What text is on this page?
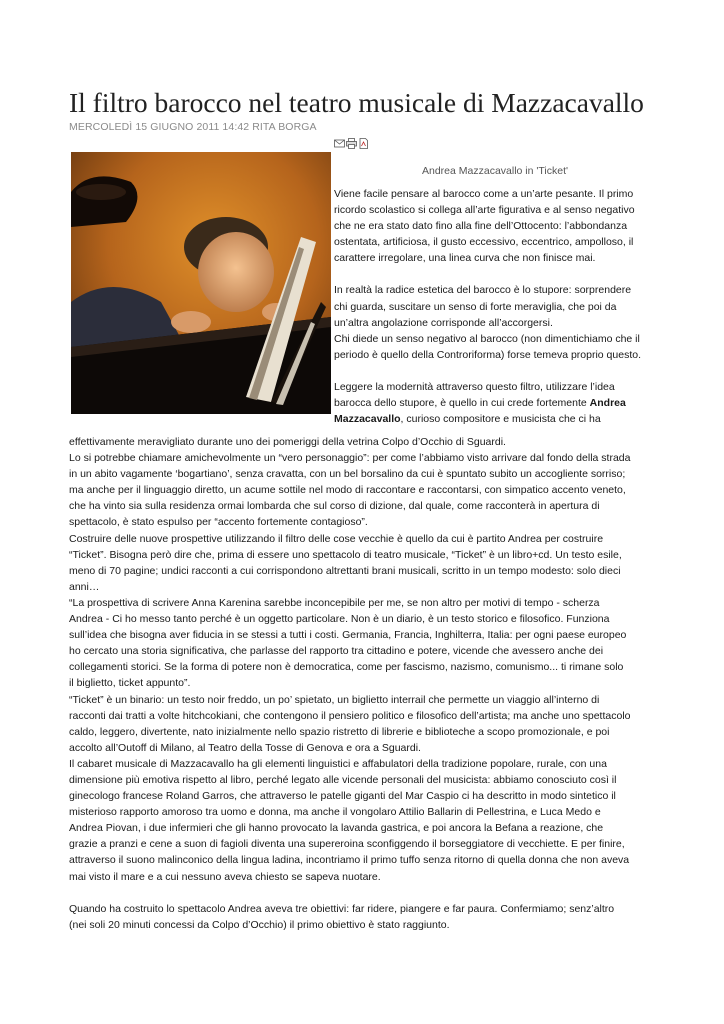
Il filtro barocco nel teatro musicale di Mazzacavallo
MERCOLEDÌ 15 GIUGNO 2011 14:42 RITA BORGA
Andrea Mazzacavallo in 'Ticket'

Viene facile pensare al barocco come a un’arte pesante. Il primo

ricordo scolastico si collega all’arte figurativa e al senso negativo

che ne era stato dato fino alla fine dell’Ottocento: l’abbondanza

ostentata, artificiosa, il gusto eccessivo, eccentrico, ampolloso, il

carattere irregolare, una linea curva che non finisce mai.

In realtà la radice estetica del barocco è lo stupore: sorprendere

chi guarda, suscitare un senso di forte meraviglia, che poi da

un’altra angolazione corrisponde all’accorgersi.

Chi diede un senso negativo al barocco (non dimentichiamo che il

periodo è quello della Controriforma) forse temeva proprio questo.

Leggere la modernità attraverso questo filtro, utilizzare l’idea

barocca dello stupore, è quello in cui crede fortemente Andrea

Mazzacavallo, curioso compositore e musicista che ci ha

effettivamente meravigliato durante uno dei pomeriggi della vetrina Colpo d’Occhio di Sguardi.

Lo si potrebbe chiamare amichevolmente un “vero personaggio”: per come l’abbiamo visto arrivare dal fondo della strada

in un abito vagamente ‘bogartiano’, senza cravatta, con un bel borsalino da cui è spuntato subito un accogliente sorriso;

ma anche per il linguaggio diretto, un acume sottile nel modo di raccontare e raccontarsi, con simpatico accento veneto,

che ha vinto sia sulla residenza ormai lombarda che sul corso di dizione, dal quale, come racconterà in apertura di

spettacolo, è stato espulso per “accento fortemente contagioso”.

Costruire delle nuove prospettive utilizzando il filtro delle cose vecchie è quello da cui è partito Andrea per costruire

“Ticket”. Bisogna però dire che, prima di essere uno spettacolo di teatro musicale, “Ticket” è un libro+cd. Un testo esile,

meno di 70 pagine; undici racconti a cui corrispondono altrettanti brani musicali, scritto in un tempo modesto: solo dieci

anni…

“La prospettiva di scrivere Anna Karenina sarebbe inconcepibile per me, se non altro per motivi di tempo - scherza

Andrea - Ci ho messo tanto perché è un oggetto particolare. Non è un diario, è un testo storico e filosofico. Funziona

sull’idea che bisogna aver fiducia in se stessi a tutti i costi. Germania, Francia, Inghilterra, Italia: per ogni paese europeo

ho cercato una storia significativa, che parlasse del rapporto tra cittadino e potere, vicende che avessero anche dei

collegamenti storici. Se la forma di potere non è democratica, come per fascismo, nazismo, comunismo... ti rimane solo

il biglietto, ticket appunto”.

“Ticket” è un binario: un testo noir freddo, un po’ spietato, un biglietto interrail che permette un viaggio all’interno di

racconti dai tratti a volte hitchcokiani, che contengono il pensiero politico e filosofico dell’artista; ma anche uno spettacolo

caldo, leggero, divertente, nato inizialmente nello spazio ristretto di librerie e biblioteche a scopo promozionale, e poi

accolto all’Outoff di Milano, al Teatro della Tosse di Genova e ora a Sguardi.

Il cabaret musicale di Mazzacavallo ha gli elementi linguistici e affabulatori della tradizione popolare, rurale, con una

dimensione più emotiva rispetto al libro, perché legato alle vicende personali del musicista: abbiamo conosciuto così il

ginecologo francese Roland Garros, che attraverso le patelle giganti del Mar Caspio ci ha descritto in modo sintetico il

misterioso rapporto amoroso tra uomo e donna, ma anche il vongolaro Attilio Ballarin di Pellestrina, e Luca Medo e

Andrea Piovan, i due infermieri che gli hanno provocato la lavanda gastrica, e poi ancora la Befana a reazione, che

grazie a pranzi e cene a suon di fagioli diventa una supereroina sconfiggendo il borseggiatore di vecchiette. E per finire,

attraverso il suono malinconico della lingua ladina, incontriamo il primo tuffo senza ritorno di quella donna che non aveva

mai visto il mare e a cui nessuno aveva chiesto se sapeva nuotare.

Quando ha costruito lo spettacolo Andrea aveva tre obiettivi: far ridere, piangere e far paura. Confermiamo; senz’altro

(nei soli 20 minuti concessi da Colpo d’Occhio) il primo obiettivo è stato raggiunto.
